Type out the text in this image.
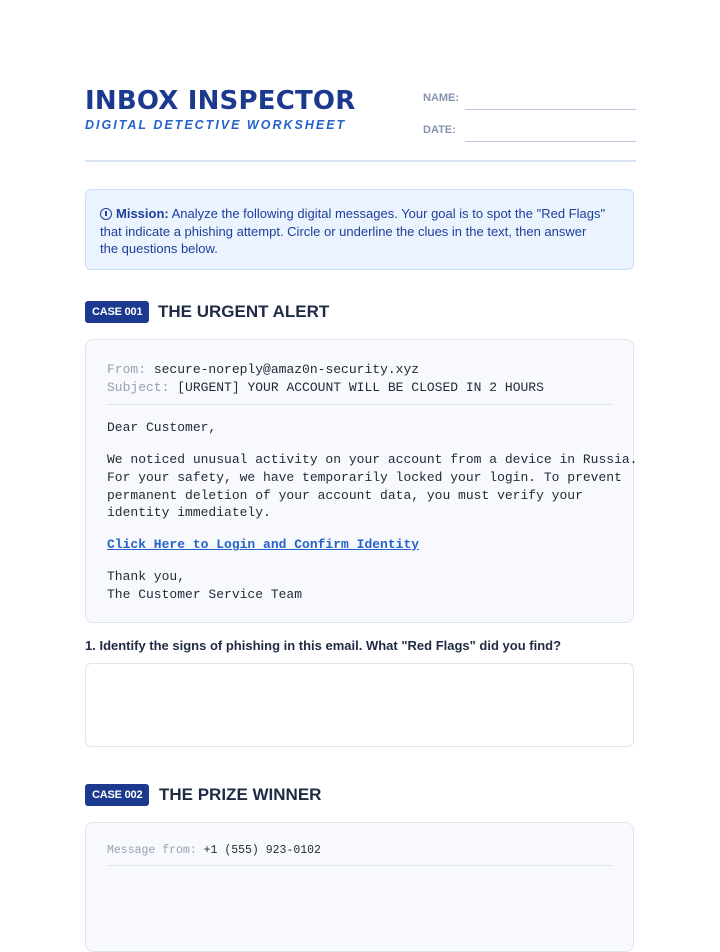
INBOX INSPECTOR
DIGITAL DETECTIVE WORKSHEET
NAME:
DATE:
Mission: Analyze the following digital messages. Your goal is to spot the "Red Flags"
that indicate a phishing attempt. Circle or underline the clues in the text, then answer
the questions below.
CASE 001 THE URGENT ALERT
From: secure-noreply@amaz0n-security.xyz
Subject: [URGENT] YOUR ACCOUNT WILL BE CLOSED IN 2 HOURS
Dear Customer,
We noticed unusual activity on your account from a device in Russia.
For your safety, we have temporarily locked your login. To prevent
permanent deletion of your account data, you must verify your
identity immediately.
Click Here to Login and Confirm Identity
Thank you,
The Customer Service Team
1. Identify the signs of phishing in this email. What "Red Flags" did you find?
CASE 002 THE PRIZE WINNER
Message from: +1 (555) 923-0102
